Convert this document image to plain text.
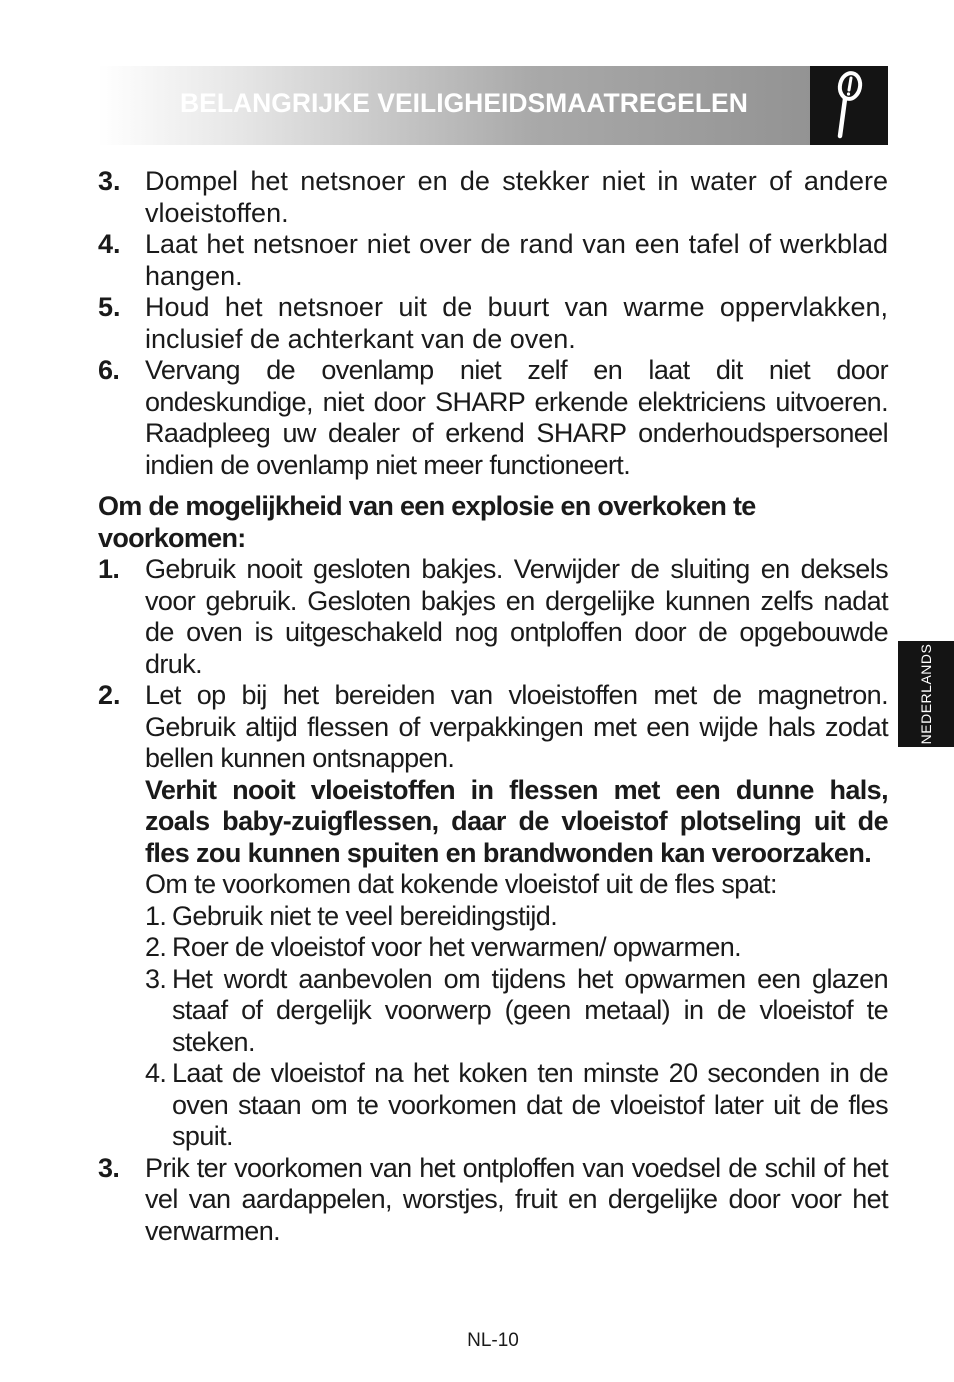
BELANGRIJKE VEILIGHEIDSMAATREGELEN
3. Dompel het netsnoer en de stekker niet in water of andere vloeistoffen.
4. Laat het netsnoer niet over de rand van een tafel of werkblad hangen.
5. Houd het netsnoer uit de buurt van warme oppervlakken, inclusief de achterkant van de oven.
6. Vervang de ovenlamp niet zelf en laat dit niet door ondeskundige, niet door SHARP erkende elektriciens uitvoeren. Raadpleeg uw dealer of erkend SHARP onderhoudspersoneel indien de ovenlamp niet meer functioneert.
Om de mogelijkheid van een explosie en overkoken te voorkomen:
1. Gebruik nooit gesloten bakjes. Verwijder de sluiting en deksels voor gebruik. Gesloten bakjes en dergelijke kunnen zelfs nadat de oven is uitgeschakeld nog ontploffen door de opgebouwde druk.
2. Let op bij het bereiden van vloeistoffen met de magnetron. Gebruik altijd flessen of verpakkingen met een wijde hals zodat bellen kunnen ontsnappen.
Verhit nooit vloeistoffen in flessen met een dunne hals, zoals baby-zuigflessen, daar de vloeistof plotseling uit de fles zou kunnen spuiten en brandwonden kan veroorzaken.
Om te voorkomen dat kokende vloeistof uit de fles spat:
1. Gebruik niet te veel bereidingstijd.
2. Roer de vloeistof voor het verwarmen/ opwarmen.
3. Het wordt aanbevolen om tijdens het opwarmen een glazen staaf of dergelijk voorwerp (geen metaal) in de vloeistof te steken.
4. Laat de vloeistof na het koken ten minste 20 seconden in de oven staan om te voorkomen dat de vloeistof later uit de fles spuit.
3. Prik ter voorkomen van het ontploffen van voedsel de schil of het vel van aardappelen, worstjes, fruit en dergelijke door voor het verwarmen.
NEDERLANDS
NL-10
